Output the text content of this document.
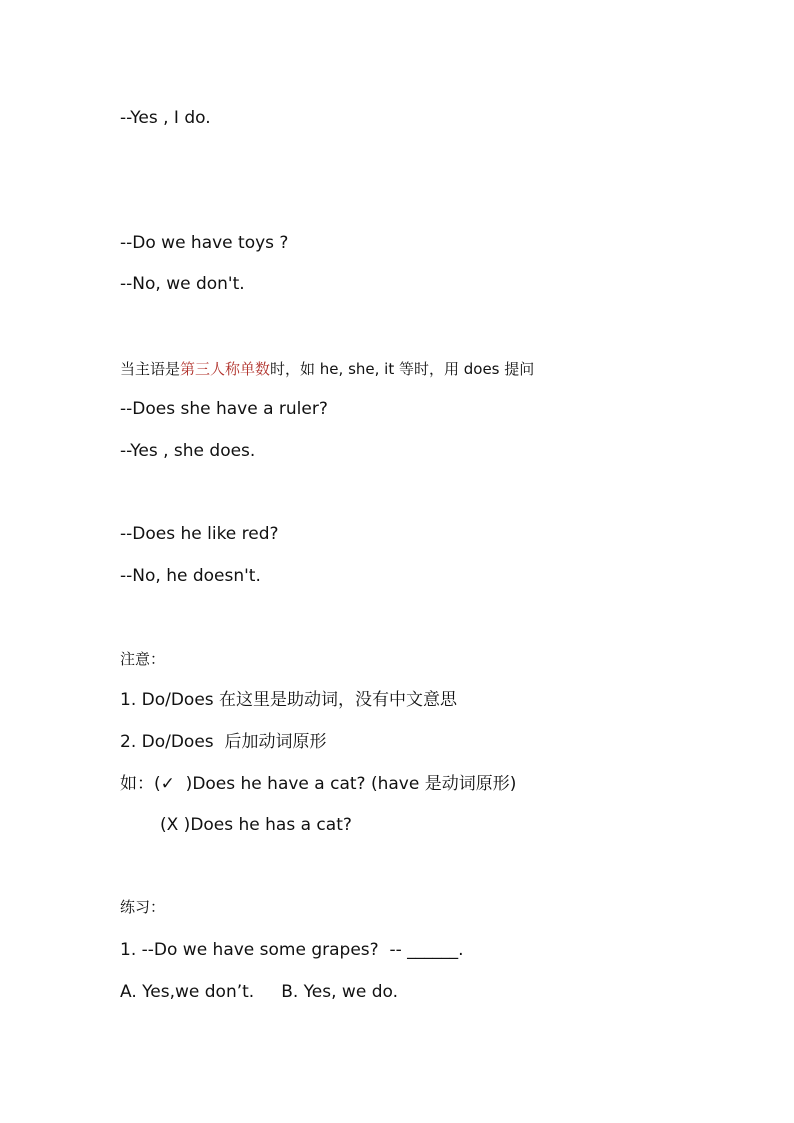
--Yes , I do.
--Do we have toys ?
--No, we don't.
当主语是第三人称单数时，如 he, she, it 等时，用 does 提问
--Does she have a ruler?
--Yes , she does.
--Does he like red?
--No, he doesn't.
注意：
1. Do/Does 在这里是助动词，没有中文意思
2. Do/Does  后加动词原形
如：(✓  )Does he have a cat? (have 是动词原形)
(X )Does he has a cat?
练习：
1. --Do we have some grapes?  -- ______.
A. Yes,we don’t.     B. Yes, we do.
